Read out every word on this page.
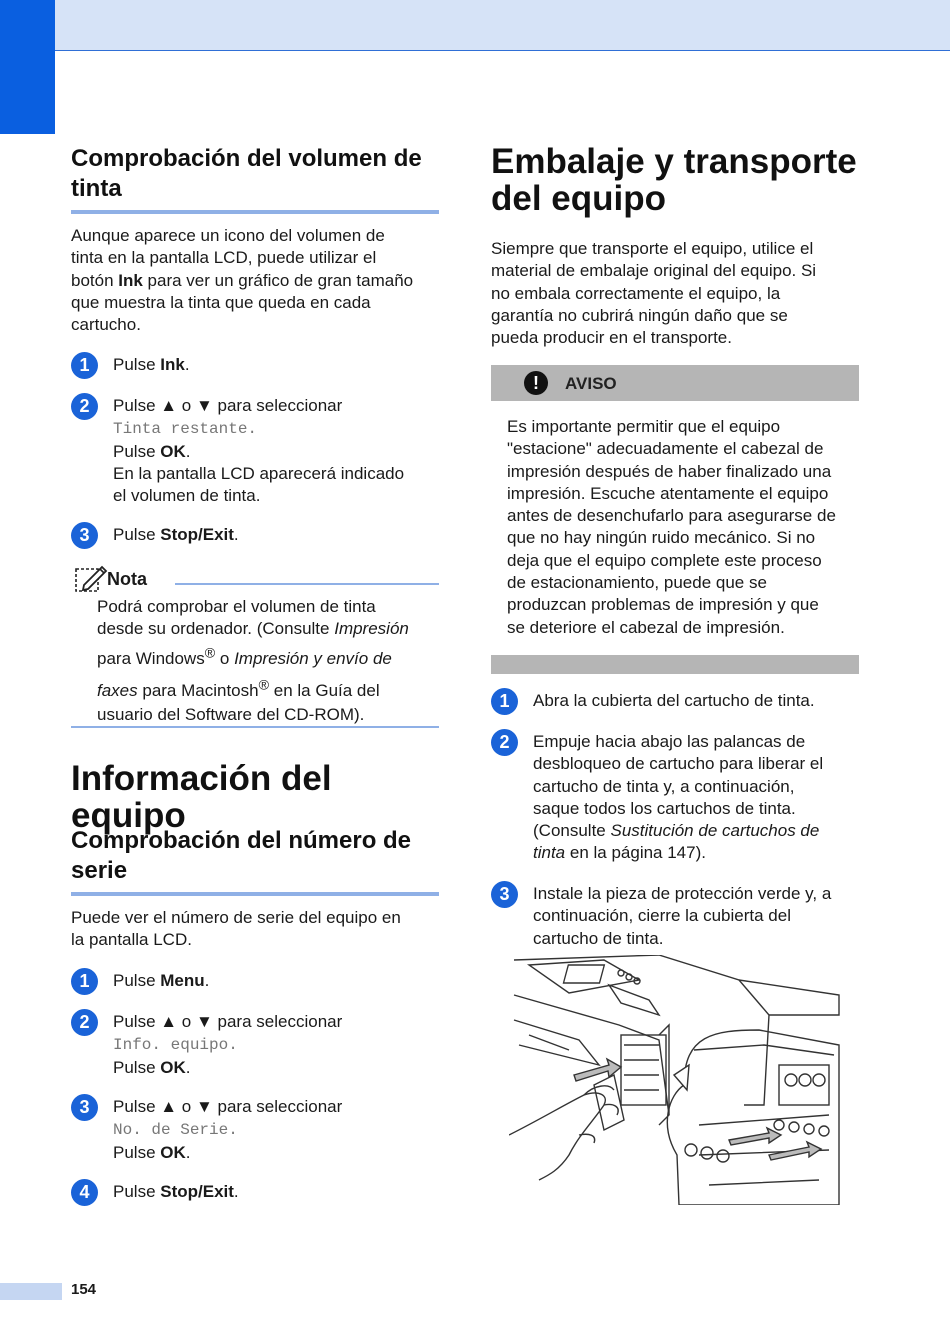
Comprobación del volumen de tinta

Aunque aparece un icono del volumen de
tinta en la pantalla LCD, puede utilizar el
botón Ink para ver un gráfico de gran tamaño
que muestra la tinta que queda en cada
cartucho.

1	Pulse Ink.
2	Pulse ▲ o ▼ para seleccionar
Tinta restante.
Pulse OK.
En la pantalla LCD aparecerá indicado
el volumen de tinta.
3	Pulse Stop/Exit.
Nota

Podrá comprobar el volumen de tinta
desde su ordenador. (Consulte Impresión
para Windows® o Impresión y envío de
faxes para Macintosh® en la Guía del
usuario del Software del CD-ROM).

Información del equipo
Comprobación del número de serie

Puede ver el número de serie del equipo en
la pantalla LCD.

1	Pulse Menu.
2	Pulse ▲ o ▼ para seleccionar
Info. equipo.
Pulse OK.
3	Pulse ▲ o ▼ para seleccionar
No. de Serie.
Pulse OK.
4	Pulse Stop/Exit.
Embalaje y transporte del equipo

Siempre que transporte el equipo, utilice el
material de embalaje original del equipo. Si
no embala correctamente el equipo, la
garantía no cubrirá ningún daño que se
pueda producir en el transporte.

!	AVISO

Es importante permitir que el equipo
"estacione" adecuadamente el cabezal de
impresión después de haber finalizado una
impresión. Escuche atentamente el equipo
antes de desenchufarlo para asegurarse de
que no hay ningún ruido mecánico. Si no
deja que el equipo complete este proceso
de estacionamiento, puede que se
produzcan problemas de impresión y que
se deteriore el cabezal de impresión.

1	Abra la cubierta del cartucho de tinta.
2	Empuje hacia abajo las palancas de
desbloqueo de cartucho para liberar el
cartucho de tinta y, a continuación,
saque todos los cartuchos de tinta.
(Consulte Sustitución de cartuchos de
tinta en la página 147).
3	Instale la pieza de protección verde y, a
continuación, cierre la cubierta del
cartucho de tinta.
154
